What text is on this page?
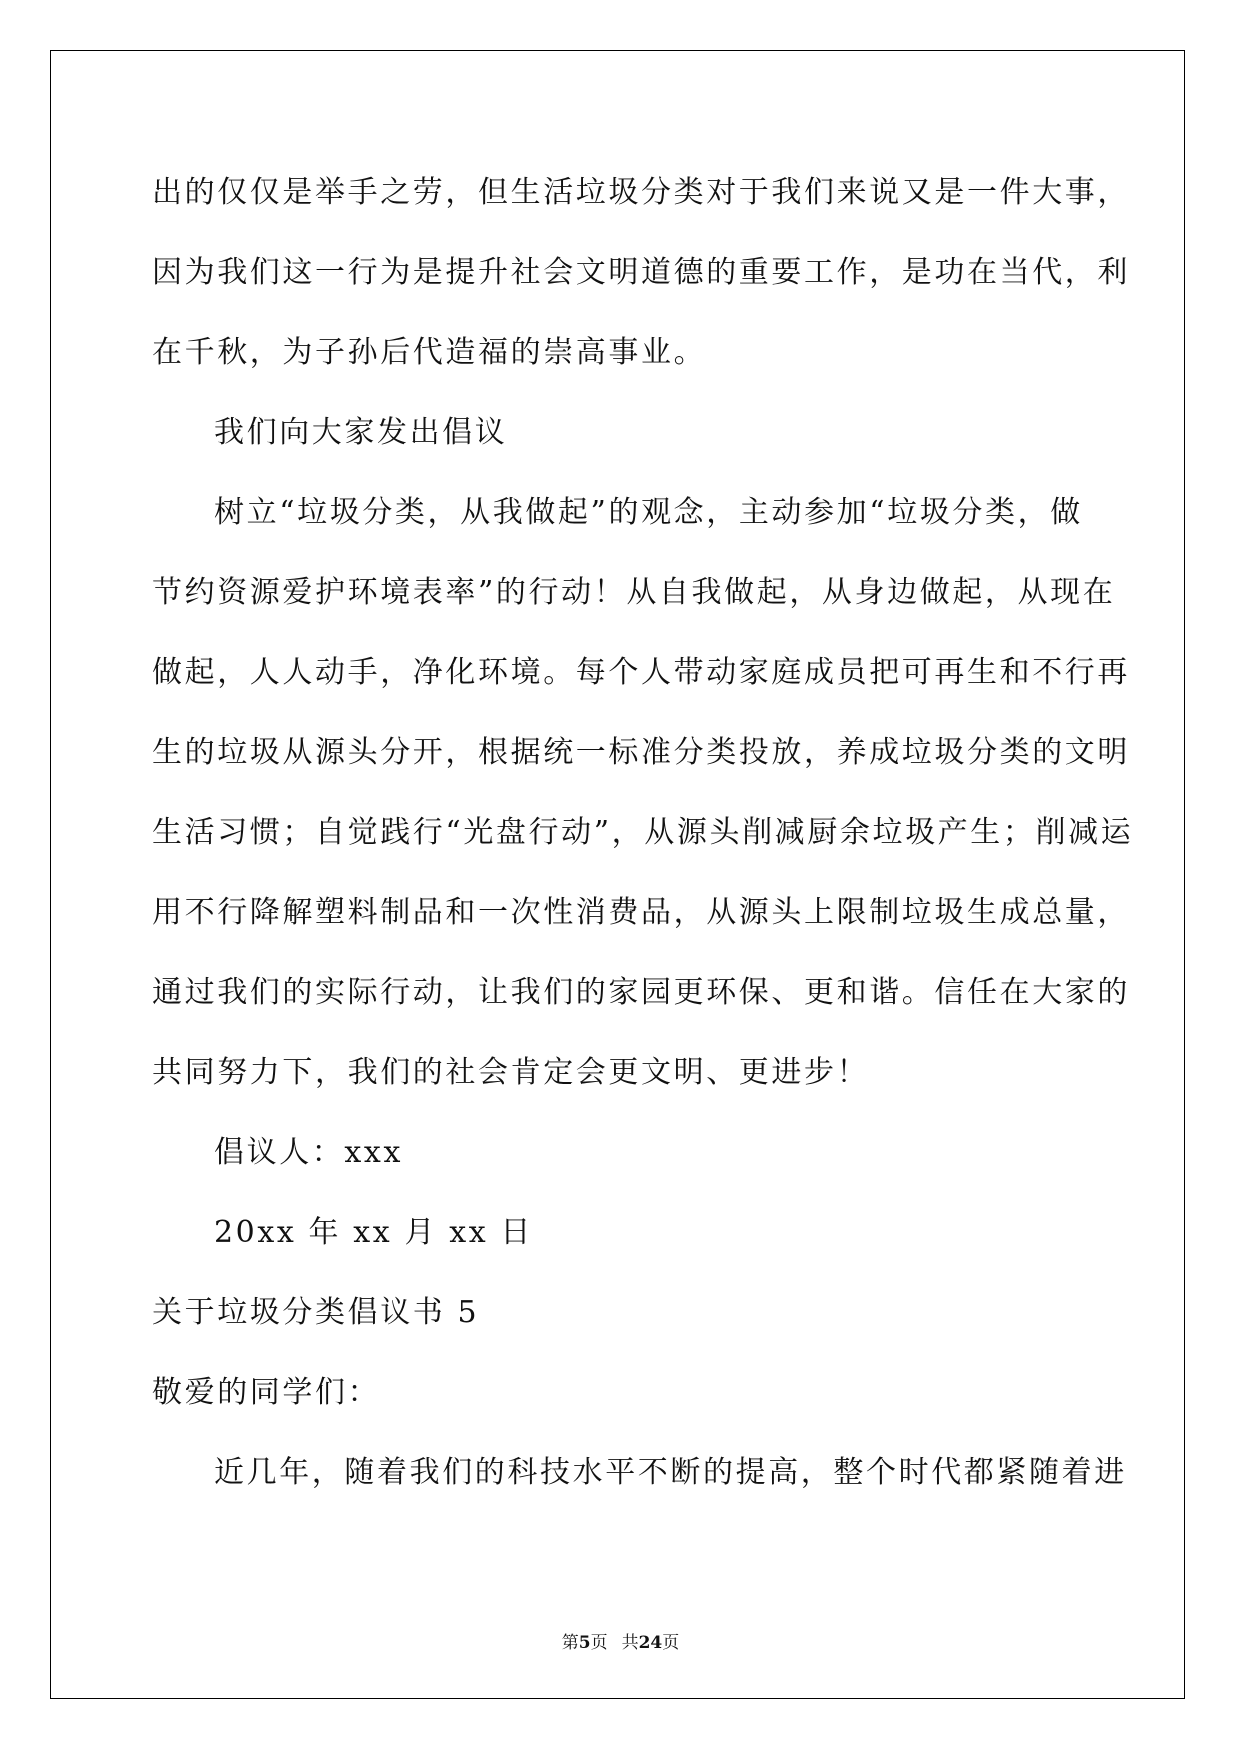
出的仅仅是举手之劳，但生活垃圾分类对于我们来说又是一件大事，
因为我们这一行为是提升社会文明道德的重要工作，是功在当代，利
在千秋，为子孙后代造福的崇高事业。
我们向大家发出倡议
树立“垃圾分类，从我做起”的观念，主动参加“垃圾分类，做
节约资源爱护环境表率”的行动！从自我做起，从身边做起，从现在
做起，人人动手，净化环境。每个人带动家庭成员把可再生和不行再
生的垃圾从源头分开，根据统一标准分类投放，养成垃圾分类的文明
生活习惯；自觉践行“光盘行动”，从源头削减厨余垃圾产生；削减运
用不行降解塑料制品和一次性消费品，从源头上限制垃圾生成总量，
通过我们的实际行动，让我们的家园更环保、更和谐。信任在大家的
共同努力下，我们的社会肯定会更文明、更进步！
倡议人：xxx
20xx 年 xx 月 xx 日
关于垃圾分类倡议书 5
敬爱的同学们：
近几年，随着我们的科技水平不断的提高，整个时代都紧随着进
第5页 共24页
